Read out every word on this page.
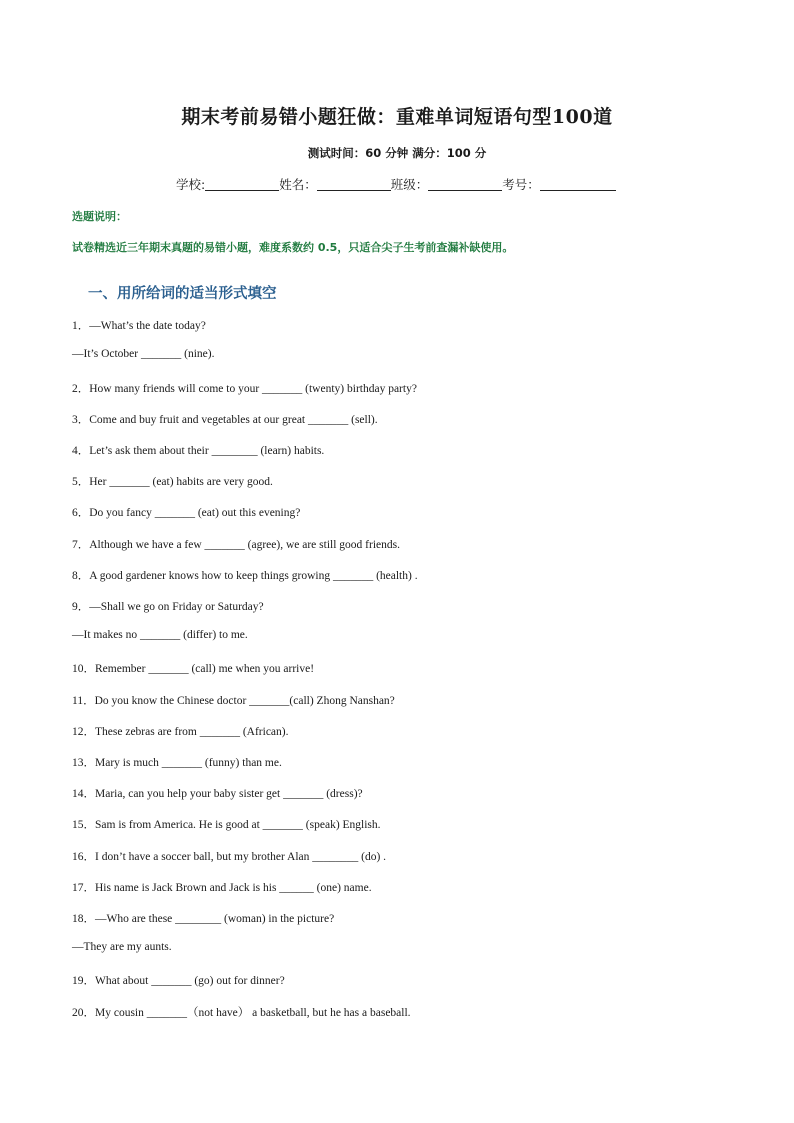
期末考前易错小题狂做：重难单词短语句型100道
测试时间：60 分钟 满分：100 分
学校:	姓名：	班级：	考号：
选题说明：
试卷精选近三年期末真题的易错小题，难度系数约 0.5，只适合尖子生考前查漏补缺使用。
一、用所给词的适当形式填空
1．—What’s the date today?
—It’s October _______ (nine).
2．How many friends will come to your _______ (twenty) birthday party?
3．Come and buy fruit and vegetables at our great _______ (sell).
4．Let’s ask them about their ________ (learn) habits.
5．Her _______ (eat) habits are very good.
6．Do you fancy _______ (eat) out this evening?
7．Although we have a few _______ (agree), we are still good friends.
8．A good gardener knows how to keep things growing _______ (health) .
9．—Shall we go on Friday or Saturday?
—It makes no _______ (differ) to me.
10．Remember _______ (call) me when you arrive!
11．Do you know the Chinese doctor _______(call) Zhong Nanshan?
12．These zebras are from _______ (African).
13．Mary is much _______ (funny) than me.
14．Maria, can you help your baby sister get _______ (dress)?
15．Sam is from America. He is good at _______ (speak) English.
16．I don’t have a soccer ball, but my brother Alan ________ (do) .
17．His name is Jack Brown and Jack is his ______ (one) name.
18．—Who are these ________ (woman) in the picture?
—They are my aunts.
19．What about _______ (go) out for dinner?
20．My cousin _______（not have） a basketball, but he has a baseball.
